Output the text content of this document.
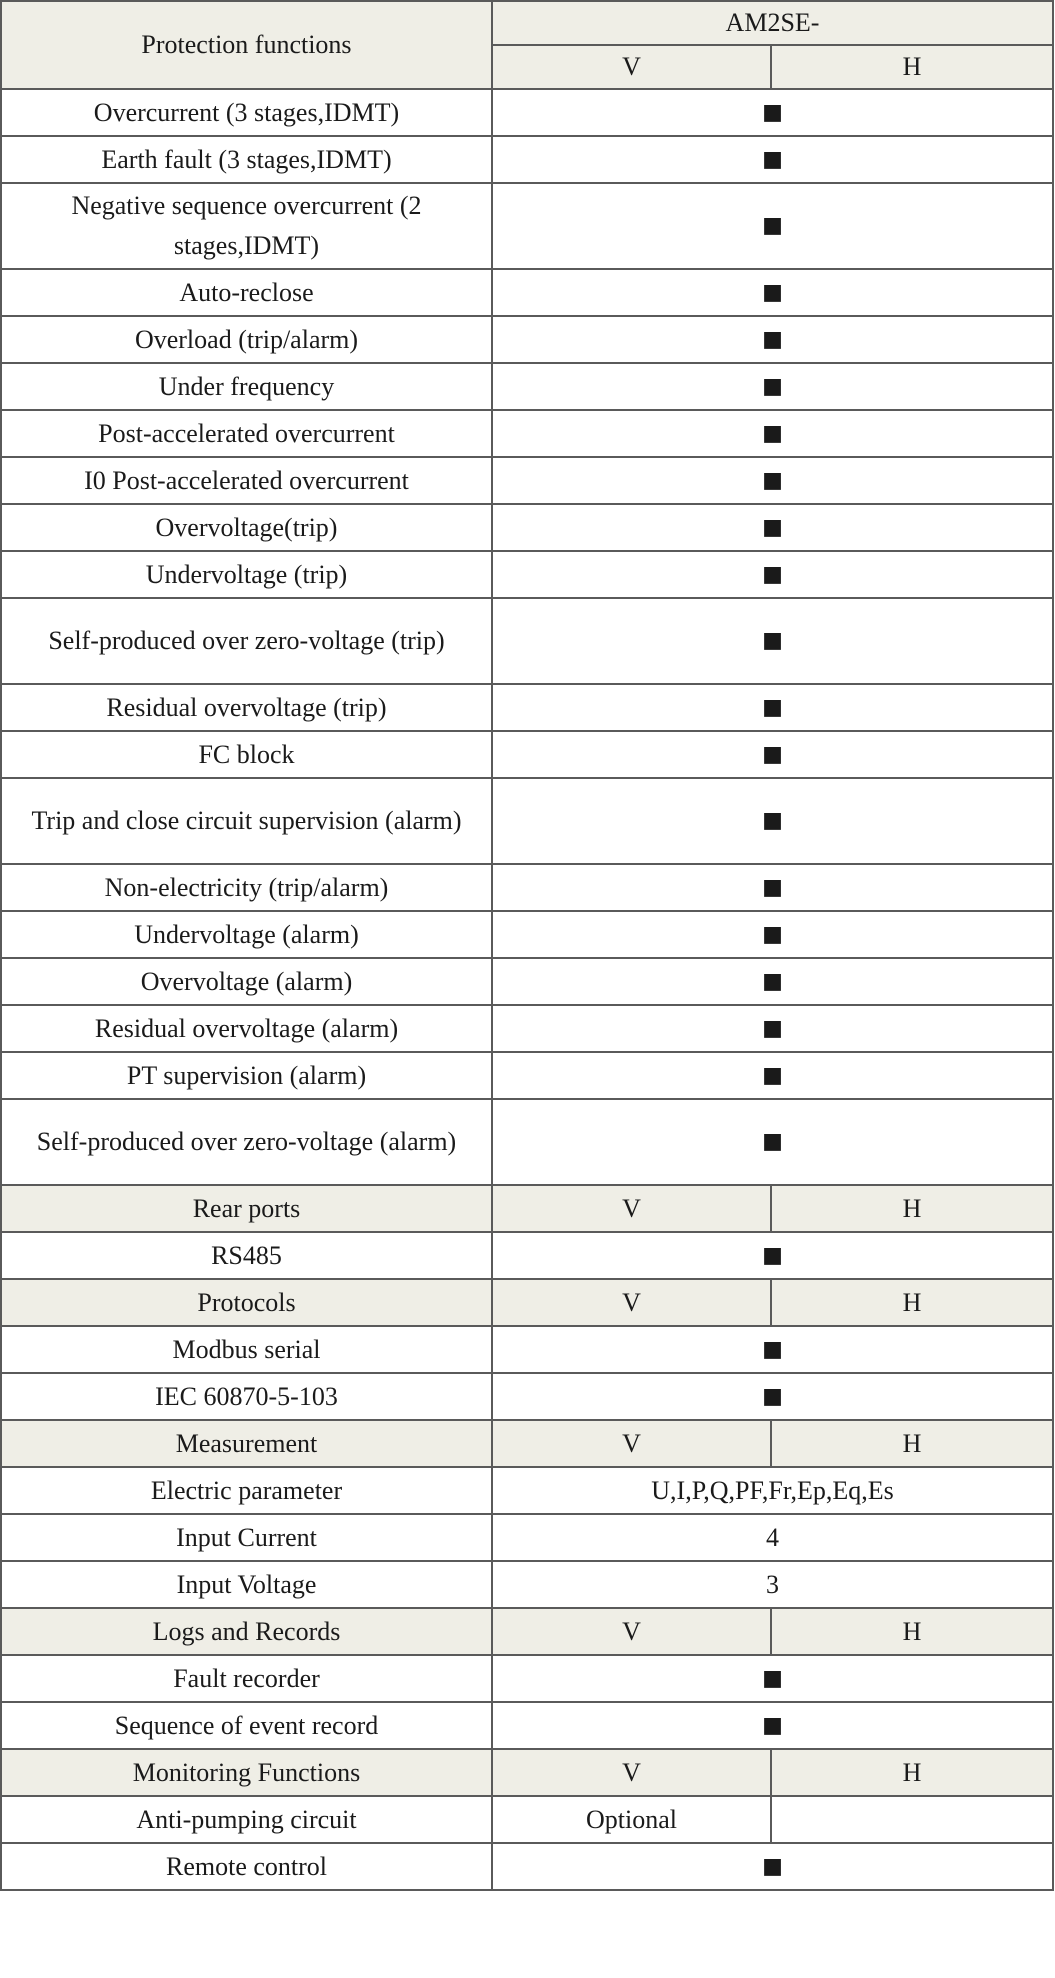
Protection functions	AM2SE-	
	V	H
Overcurrent (3 stages,IDMT)	■	
Earth fault (3 stages,IDMT)	■	
Negative sequence overcurrent (2 stages,IDMT)	■	
Auto-reclose	■	
Overload (trip/alarm)	■	
Under frequency	■	
Post-accelerated overcurrent	■	
I0 Post-accelerated overcurrent	■	
Overvoltage(trip)	■	
Undervoltage (trip)	■	
Self-produced over zero-voltage (trip)	■	
Residual overvoltage (trip)	■	
FC block	■	
Trip and close circuit supervision (alarm)	■	
Non-electricity (trip/alarm)	■	
Undervoltage (alarm)	■	
Overvoltage (alarm)	■	
Residual overvoltage (alarm)	■	
PT supervision (alarm)	■	
Self-produced over zero-voltage (alarm)	■	
Rear ports	V	H
RS485	■	
Protocols	V	H
Modbus serial	■	
IEC 60870-5-103	■	
Measurement	V	H
Electric parameter	U,I,P,Q,PF,Fr,Ep,Eq,Es	
Input Current	4	
Input Voltage	3	
Logs and Records	V	H
Fault recorder	■	
Sequence of event record	■	
Monitoring Functions	V	H
Anti-pumping circuit	Optional	
Remote control	■	
